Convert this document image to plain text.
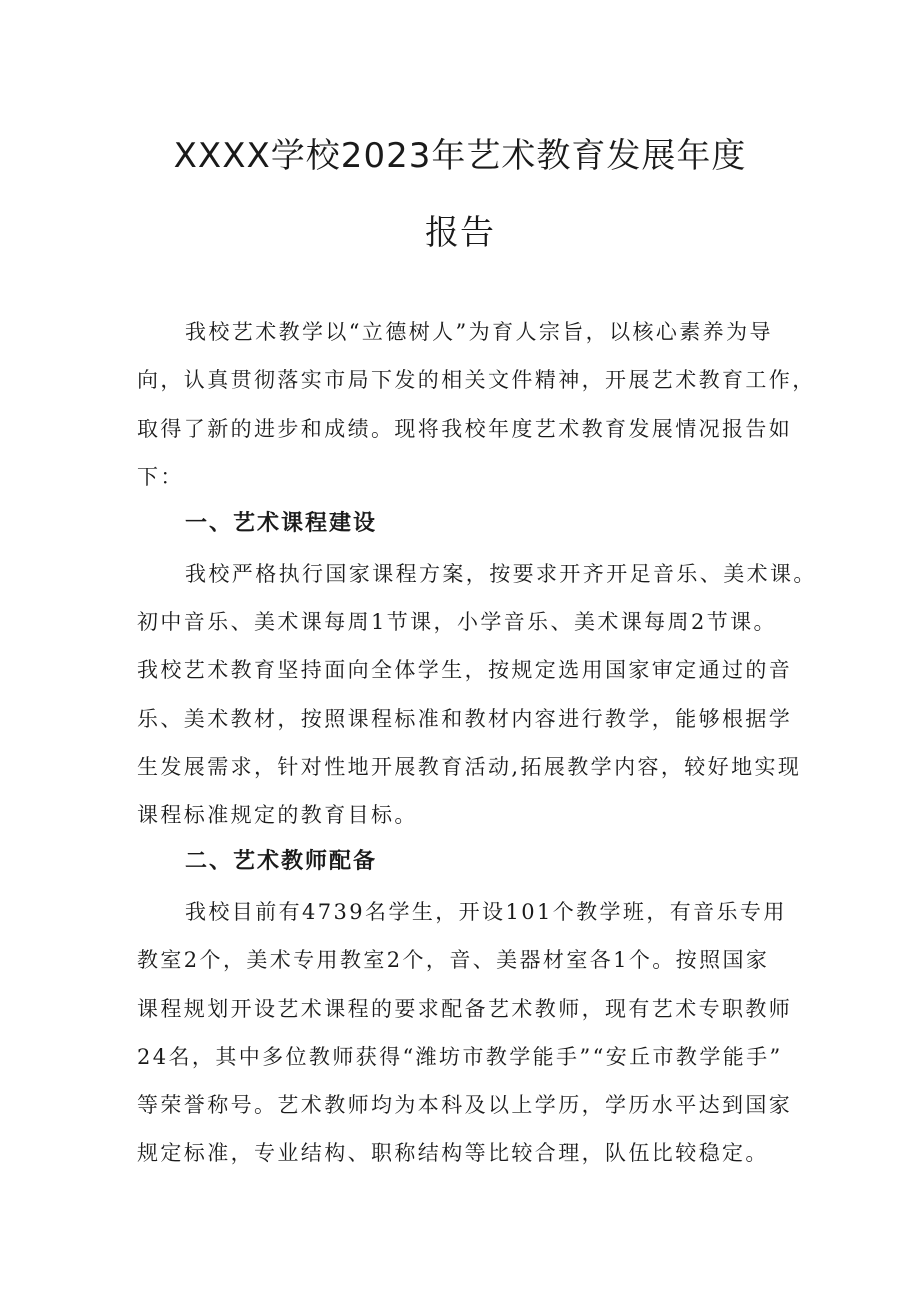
XXXX学校2023年艺术教育发展年度
报告

我校艺术教学以“立德树人”为育人宗旨，以核心素养为导

向，认真贯彻落实市局下发的相关文件精神，开展艺术教育工作，

取得了新的进步和成绩。现将我校年度艺术教育发展情况报告如

下：

一、艺术课程建设

我校严格执行国家课程方案，按要求开齐开足音乐、美术课。

初中音乐、美术课每周1节课，小学音乐、美术课每周2节课。

我校艺术教育坚持面向全体学生，按规定选用国家审定通过的音

乐、美术教材，按照课程标准和教材内容进行教学，能够根据学

生发展需求，针对性地开展教育活动,拓展教学内容，较好地实现

课程标准规定的教育目标。

二、艺术教师配备

我校目前有4739名学生，开设101个教学班，有音乐专用

教室2个，美术专用教室2个，音、美器材室各1个。按照国家

课程规划开设艺术课程的要求配备艺术教师，现有艺术专职教师

24名，其中多位教师获得“潍坊市教学能手”“安丘市教学能手”

等荣誉称号。艺术教师均为本科及以上学历，学历水平达到国家

规定标准，专业结构、职称结构等比较合理，队伍比较稳定。
